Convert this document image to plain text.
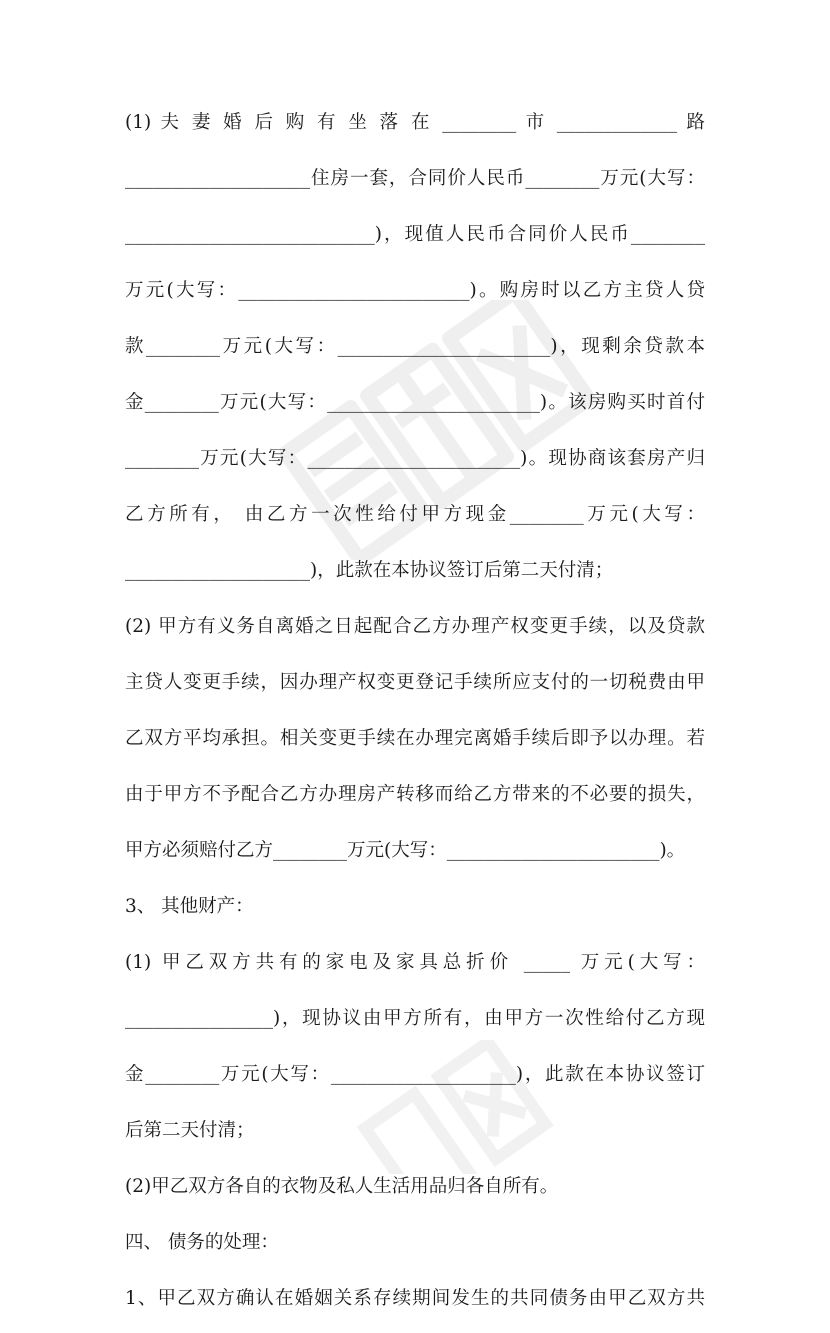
(1) 夫 妻 婚 后 购 有 坐 落 在 ________ 市 _____________ 路
____________________住房一套，合同价人民币________万元(大写：
___________________________)，现值人民币合同价人民币________
万元(大写：_________________________)。购房时以乙方主贷人贷
款________万元(大写：_______________________)，现剩余贷款本
金________万元(大写：_______________________)。该房购买时首付
________万元(大写：_______________________)。现协商该套房产归
乙方所有， 由乙方一次性给付甲方现金________万元(大写：
____________________)，此款在本协议签订后第二天付清；
(2) 甲方有义务自离婚之日起配合乙方办理产权变更手续，以及贷款
主贷人变更手续，因办理产权变更登记手续所应支付的一切税费由甲
乙双方平均承担。相关变更手续在办理完离婚手续后即予以办理。若
由于甲方不予配合乙方办理房产转移而给乙方带来的不必要的损失，
甲方必须赔付乙方________万元(大写：_______________________)。
3、 其他财产：
(1) 甲乙双方共有的家电及家具总折价 _____ 万元(大写：
________________)，现协议由甲方所有，由甲方一次性给付乙方现
金________万元(大写：____________________)，此款在本协议签订
后第二天付清；
(2)甲乙双方各自的衣物及私人生活用品归各自所有。
四、 债务的处理：
1、甲乙双方确认在婚姻关系存续期间发生的共同债务由甲乙双方共
